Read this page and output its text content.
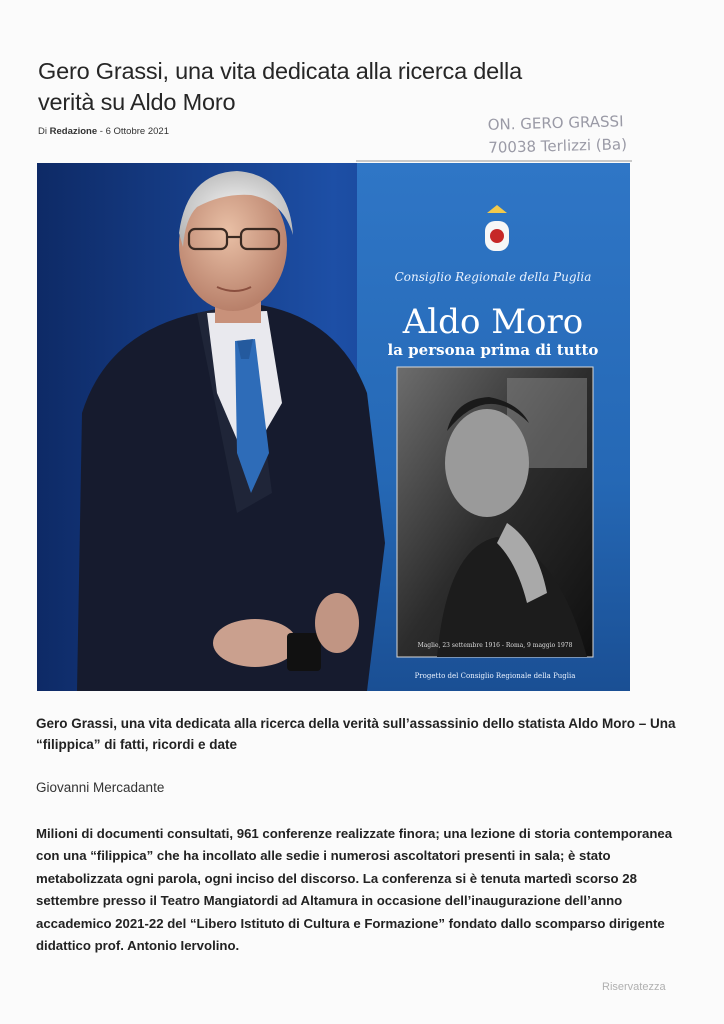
Gero Grassi, una vita dedicata alla ricerca della verità su Aldo Moro
Di Redazione - 6 Ottobre 2021	ON. GERO GRASSI
70038 Terlizzi (Ba)
Consiglio Regionale della Puglia
Aldo Moro
la persona prima di tutto
Maglie, 23 settembre 1916 - Roma, 9 maggio 1978
Progetto del Consiglio Regionale della Puglia
Gero Grassi, una vita dedicata alla ricerca della verità sull’assassinio dello statista Aldo Moro – Una “filippica” di fatti, ricordi e date
Giovanni Mercadante
Milioni di documenti consultati, 961 conferenze realizzate finora; una lezione di storia contemporanea con una “filippica” che ha incollato alle sedie i numerosi ascoltatori presenti in sala; è stato metabolizzata ogni parola, ogni inciso del discorso. La conferenza si è tenuta martedì scorso 28 settembre presso il Teatro Mangiatordi ad Altamura in occasione dell’inaugurazione dell’anno accademico 2021-22 del “Libero Istituto di Cultura e Formazione” fondato dallo scomparso dirigente didattico prof. Antonio Iervolino.
Riservatezza
